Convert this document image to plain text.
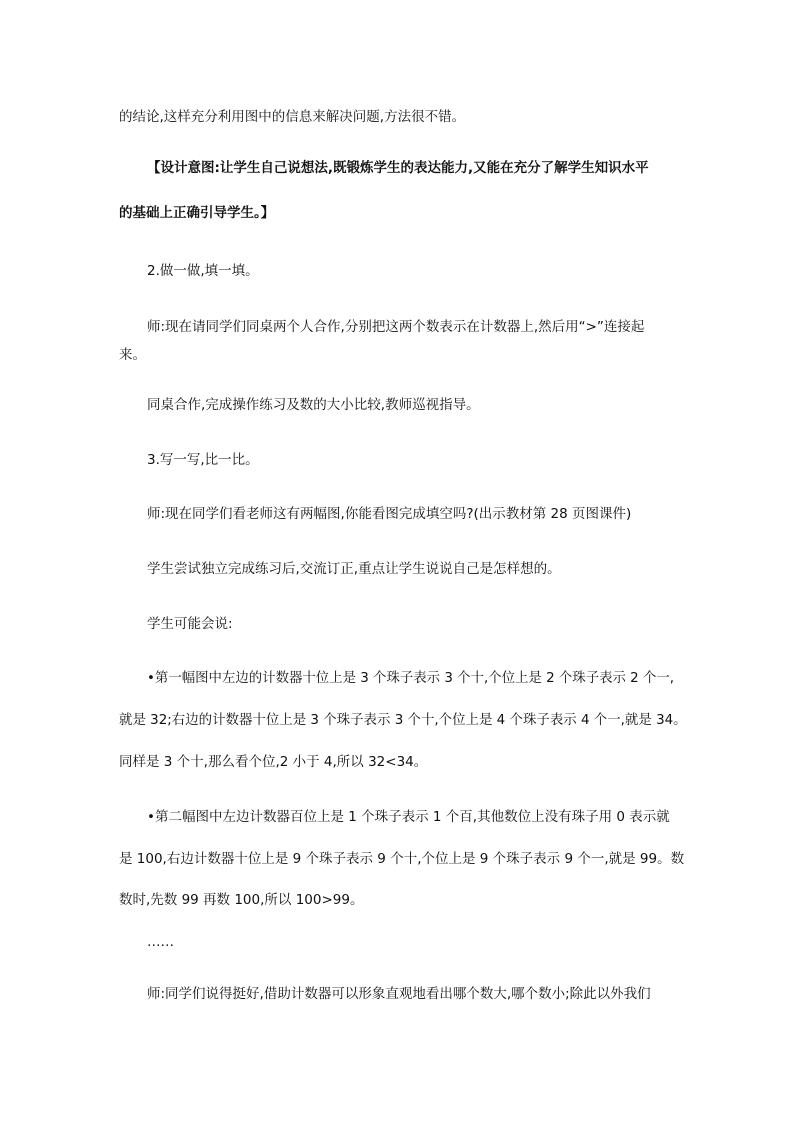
的结论,这样充分利用图中的信息来解决问题,方法很不错。
【设计意图:让学生自己说想法,既锻炼学生的表达能力,又能在充分了解学生知识水平
的基础上正确引导学生。】
2.做一做,填一填。
师:现在请同学们同桌两个人合作,分别把这两个数表示在计数器上,然后用“>”连接起
来。
同桌合作,完成操作练习及数的大小比较,教师巡视指导。
3.写一写,比一比。
师:现在同学们看老师这有两幅图,你能看图完成填空吗?(出示教材第 28 页图课件)
学生尝试独立完成练习后,交流订正,重点让学生说说自己是怎样想的。
学生可能会说:
•第一幅图中左边的计数器十位上是 3 个珠子表示 3 个十,个位上是 2 个珠子表示 2 个一,
就是 32;右边的计数器十位上是 3 个珠子表示 3 个十,个位上是 4 个珠子表示 4 个一,就是 34。
同样是 3 个十,那么看个位,2 小于 4,所以 32<34。
•第二幅图中左边计数器百位上是 1 个珠子表示 1 个百,其他数位上没有珠子用 0 表示就
是 100,右边计数器十位上是 9 个珠子表示 9 个十,个位上是 9 个珠子表示 9 个一,就是 99。数
数时,先数 99 再数 100,所以 100>99。
……
师:同学们说得挺好,借助计数器可以形象直观地看出哪个数大,哪个数小;除此以外我们
